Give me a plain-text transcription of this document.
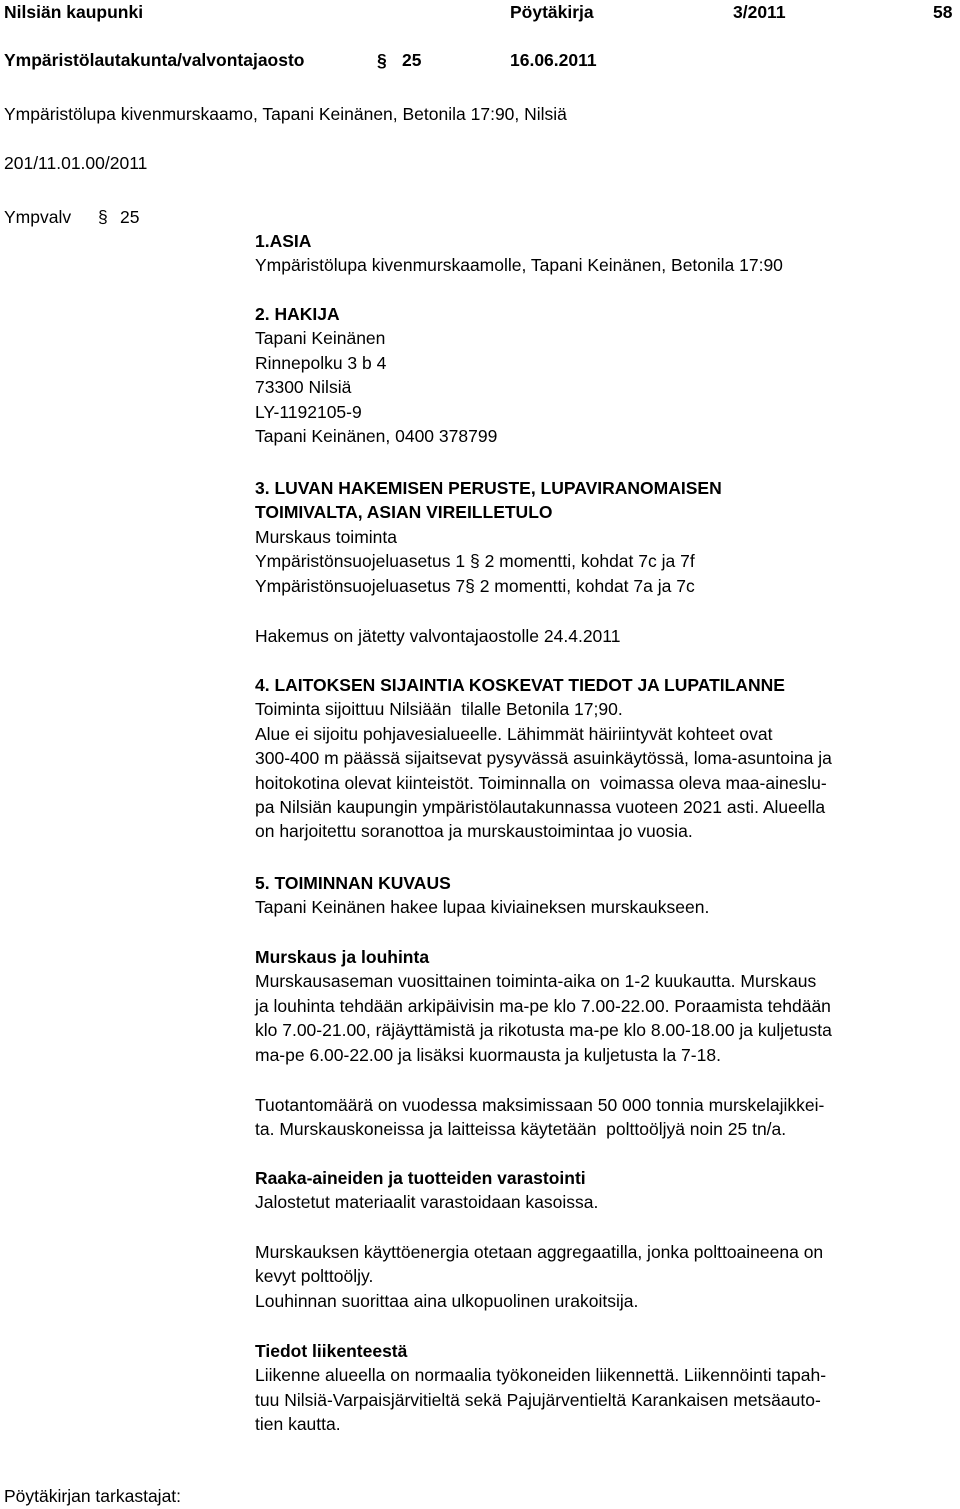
Nilsiän kaupunki	Pöytäkirja	3/2011	58
Ympäristölautakunta/valvontajaosto	§ 25	16.06.2011
Ympäristölupa kivenmurskaamo, Tapani Keinänen, Betonila 17:90, Nilsiä
201/11.01.00/2011
Ympvalv § 25
1.ASIA
Ympäristölupa kivenmurskaamolle, Tapani Keinänen, Betonila 17:90
2. HAKIJA
Tapani Keinänen
Rinnepolku 3 b 4
73300 Nilsiä
LY-1192105-9
Tapani Keinänen, 0400 378799
3. LUVAN HAKEMISEN PERUSTE, LUPAVIRANOMAISEN
TOIMIVALTA, ASIAN VIREILLETULO
Murskaus toiminta
Ympäristönsuojeluasetus 1 § 2 momentti, kohdat 7c ja 7f
Ympäristönsuojeluasetus 7§ 2 momentti, kohdat 7a ja 7c
Hakemus on jätetty valvontajaostolle 24.4.2011
4. LAITOKSEN SIJAINTIA KOSKEVAT TIEDOT JA LUPATILANNE
Toiminta sijoittuu Nilsiään  tilalle Betonila 17;90.
Alue ei sijoitu pohjavesialueelle. Lähimmät häiriintyvät kohteet ovat
300-400 m päässä sijaitsevat pysyvässä asuinkäytössä, loma-asuntoina ja
hoitokotina olevat kiinteistöt. Toiminnalla on  voimassa oleva maa-aineslu-
pa Nilsiän kaupungin ympäristölautakunnassa vuoteen 2021 asti. Alueella
on harjoitettu soranottoa ja murskaustoimintaa jo vuosia.
5. TOIMINNAN KUVAUS
Tapani Keinänen hakee lupaa kiviaineksen murskaukseen.
Murskaus ja louhinta
Murskausaseman vuosittainen toiminta-aika on 1-2 kuukautta. Murskaus
ja louhinta tehdään arkipäivisin ma-pe klo 7.00-22.00. Poraamista tehdään
klo 7.00-21.00, räjäyttämistä ja rikotusta ma-pe klo 8.00-18.00 ja kuljetusta
ma-pe 6.00-22.00 ja lisäksi kuormausta ja kuljetusta la 7-18.
Tuotantomäärä on vuodessa maksimissaan 50 000 tonnia murskelajikkei-
ta. Murskauskoneissa ja laitteissa käytetään  polttoöljyä noin 25 tn/a.
Raaka-aineiden ja tuotteiden varastointi
Jalostetut materiaalit varastoidaan kasoissa.
Murskauksen käyttöenergia otetaan aggregaatilla, jonka polttoaineena on
kevyt polttoöljy.
Louhinnan suorittaa aina ulkopuolinen urakoitsija.
Tiedot liikenteestä
Liikenne alueella on normaalia työkoneiden liikennettä. Liikennöinti tapah-
tuu Nilsiä-Varpaisjärvitieltä sekä Pajujärventieltä Karankaisen metsäauto-
tien kautta.
Pöytäkirjan tarkastajat:
